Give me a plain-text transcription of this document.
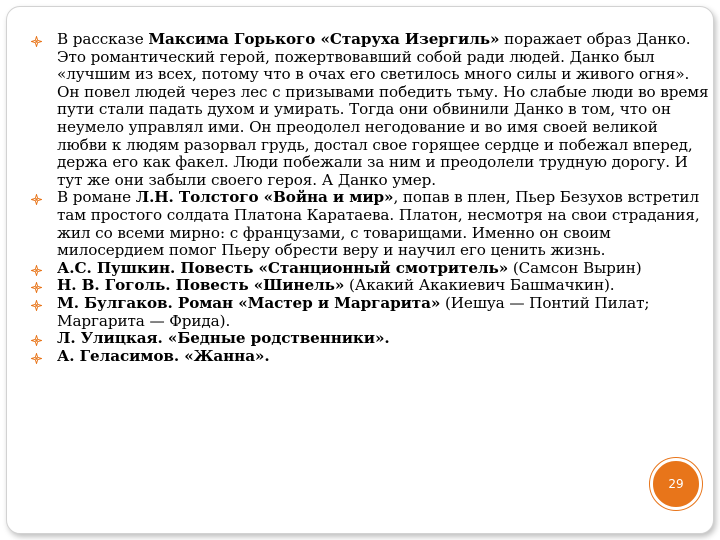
В рассказе Максима Горького «Старуха Изергиль» поражает образ Данко. Это романтический герой, пожертвовавший собой ради людей. Данко был «лучшим из всех, потому что в очах его светилось много силы и живого огня». Он повел людей через лес с призывами победить тьму. Но слабые люди во время пути стали падать духом и умирать. Тогда они обвинили Данко в том, что он неумело управлял ими. Он преодолел негодование и во имя своей великой любви к людям разорвал грудь, достал свое горящее сердце и побежал вперед, держа его как факел. Люди побежали за ним и преодолели трудную дорогу. И тут же они забыли своего героя. А Данко умер.
В романе Л.Н. Толстого «Война и мир», попав в плен, Пьер Безухов встретил там простого солдата Платона Каратаева. Платон, несмотря на свои страдания, жил со всеми мирно: с французами, с товарищами. Именно он своим милосердием помог Пьеру обрести веру и научил его ценить жизнь.
А.С. Пушкин. Повесть «Станционный смотритель» (Самсон Вырин)
Н. В. Гоголь. Повесть «Шинель» (Акакий Акакиевич Башмачкин).
М. Булгаков. Роман «Мастер и Маргарита» (Иешуа — Понтий Пилат; Маргарита — Фрида).
Л. Улицкая. «Бедные родственники».
А. Геласимов. «Жанна».
29
